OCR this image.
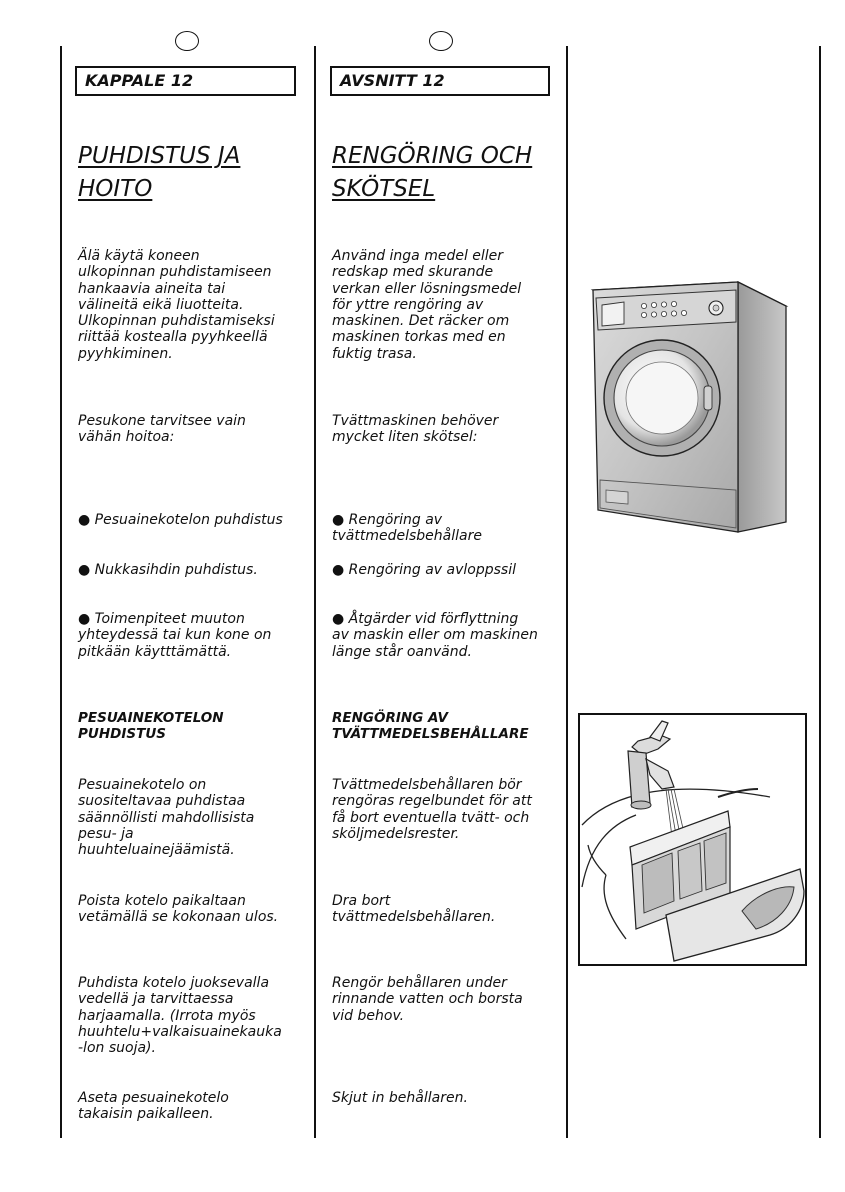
KAPPALE 12	AVSNITT 12
PUHDISTUS JA
HOITO
RENGÖRING OCH
SKÖTSEL
Älä käytä koneen
ulkopinnan puhdistamiseen
hankaavia aineita tai
välineitä eikä liuotteita.
Ulkopinnan puhdistamiseksi
riittää kostealla pyyhkeellä
pyyhkiminen.
Pesukone tarvitsee vain
vähän hoitoa:
● Pesuainekotelon puhdistus
● Nukkasihdin puhdistus.
● Toimenpiteet muuton
yhteydessä tai kun kone on
pitkään käytttämättä.
PESUAINEKOTELON
PUHDISTUS
Pesuainekotelo on
suositeltavaa puhdistaa
säännöllisti mahdollisista
pesu- ja
huuhteluainejäämistä.
Poista kotelo paikaltaan
vetämällä se kokonaan ulos.
Puhdista kotelo juoksevalla
vedellä ja tarvittaessa
harjaamalla. (Irrota myös
huuhtelu+valkaisuainekauka
-lon suoja).
Aseta pesuainekotelo
takaisin paikalleen.
Använd inga medel eller
redskap med skurande
verkan eller lösningsmedel
för yttre rengöring av
maskinen. Det räcker om
maskinen torkas med en
fuktig trasa.
Tvättmaskinen behöver
mycket liten skötsel:
● Rengöring av
tvättmedelsbehållare
● Rengöring av avloppssil
● Åtgärder vid förflyttning
av maskin eller om maskinen
länge står oanvänd.
RENGÖRING AV
TVÄTTMEDELSBEHÅLLARE
Tvättmedelsbehållaren bör
rengöras regelbundet för att
få bort eventuella tvätt- och
sköljmedelsrester.
Dra bort
tvättmedelsbehållaren.
Rengör behållaren under
rinnande vatten och borsta
vid behov.
Skjut in behållaren.
